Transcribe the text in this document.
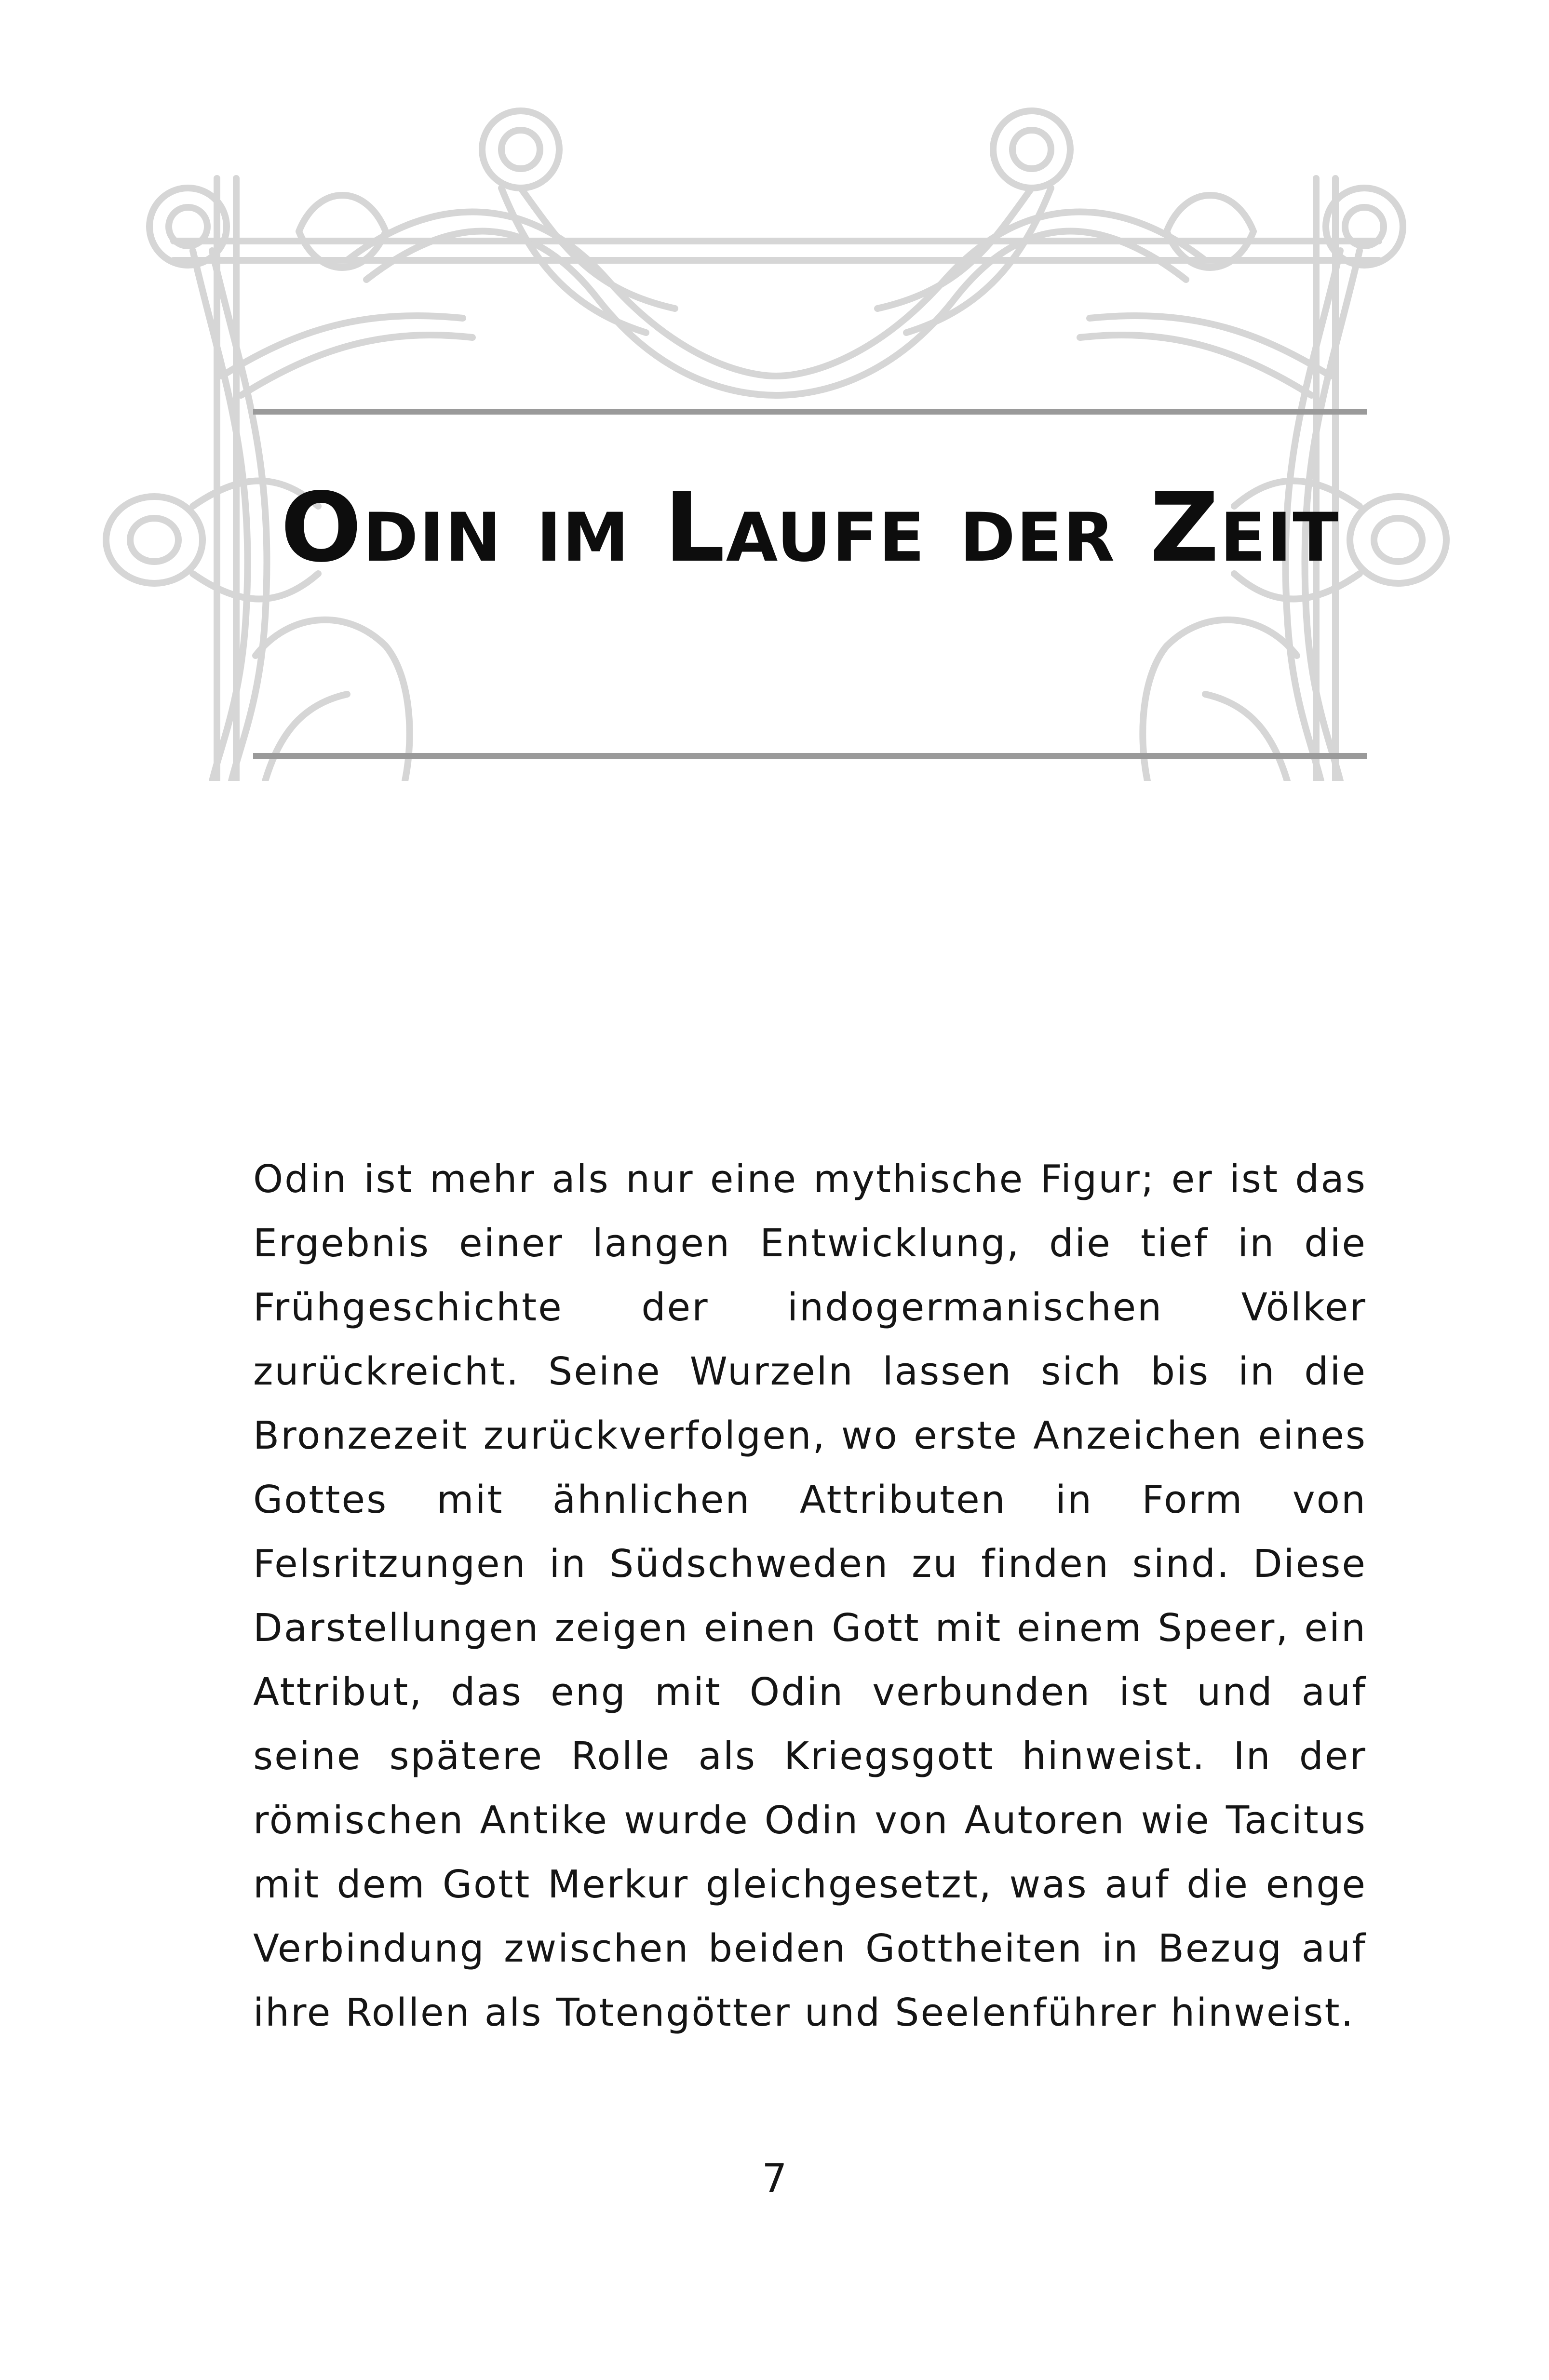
Odin im Laufe der Zeit

Odin ist mehr als nur eine mythische Figur; er ist das Ergebnis einer langen Entwicklung, die tief in die Frühgeschichte der indogermanischen Völker zurückreicht. Seine Wurzeln lassen sich bis in die Bronzezeit zurückverfolgen, wo erste Anzeichen eines Gottes mit ähnlichen Attributen in Form von Felsritzungen in Südschweden zu finden sind. Diese Darstellungen zeigen einen Gott mit einem Speer, ein Attribut, das eng mit Odin verbunden ist und auf seine spätere Rolle als Kriegsgott hinweist. In der römischen Antike wurde Odin von Autoren wie Tacitus mit dem Gott Merkur gleichgesetzt, was auf die enge Verbindung zwischen beiden Gottheiten in Bezug auf ihre Rollen als Totengötter und Seelenführer hinweist.

7
